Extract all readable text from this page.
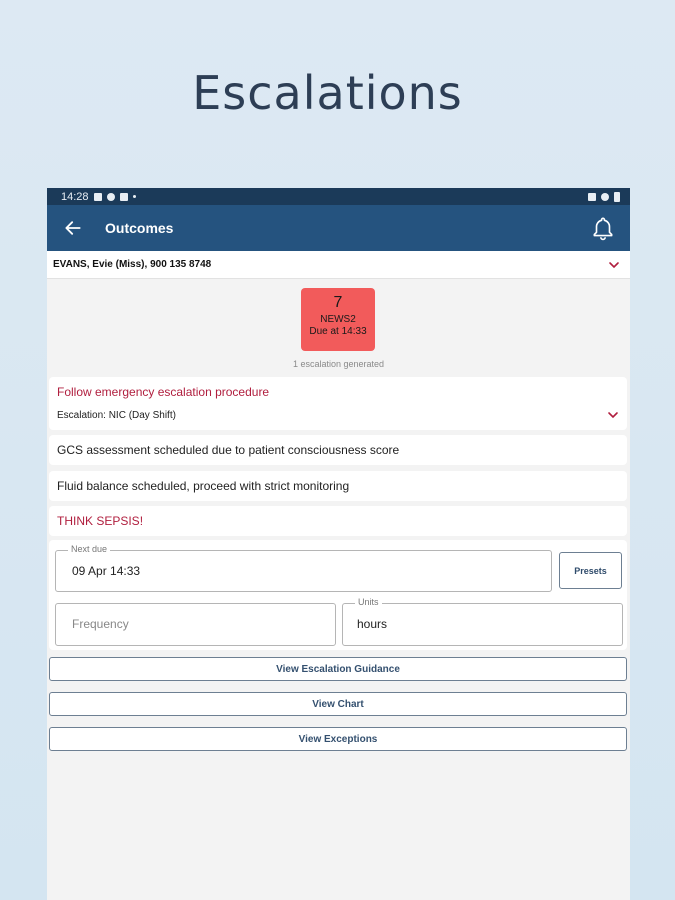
Escalations
14:28
Outcomes
EVANS, Evie (Miss), 900 135 8748
7
NEWS2
Due at 14:33
1 escalation generated
Follow emergency escalation procedure
Escalation: NIC (Day Shift)
GCS assessment scheduled due to patient consciousness score
Fluid balance scheduled, proceed with strict monitoring
THINK SEPSIS!
Next due
09 Apr 14:33	Presets
Frequency
Units
hours
View Escalation Guidance
View Chart
View Exceptions
